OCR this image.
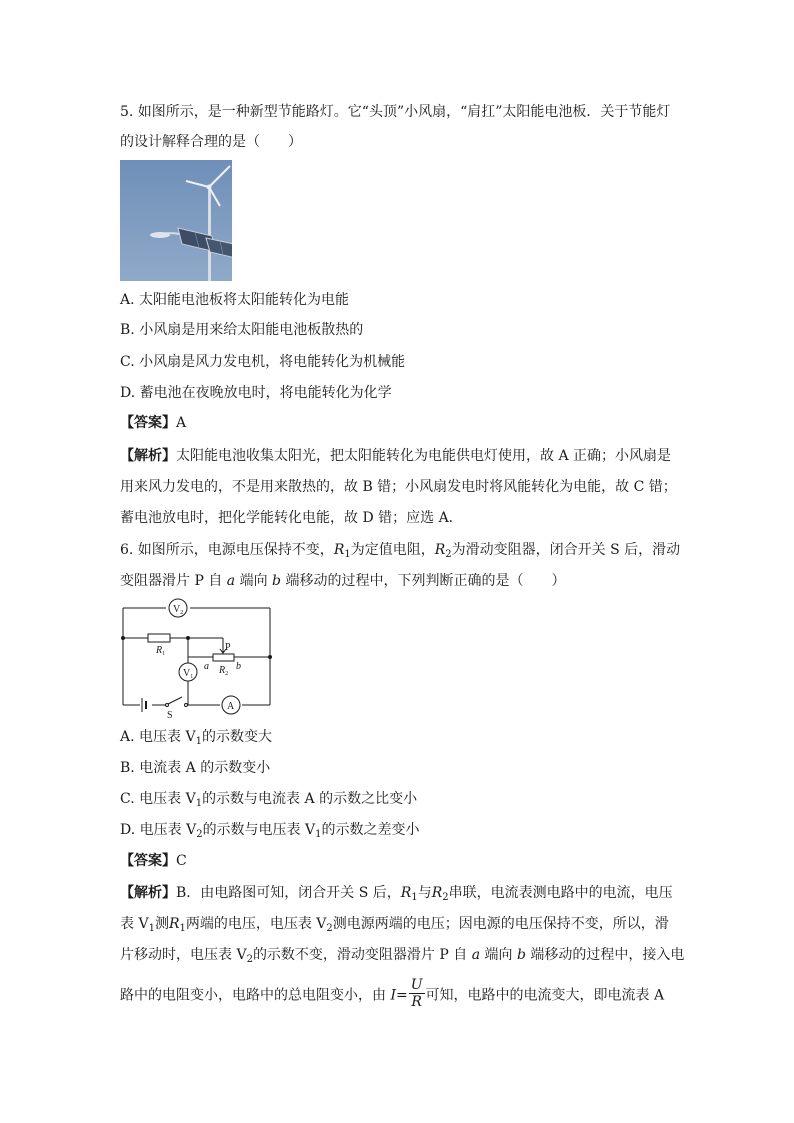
5. 如图所示，是一种新型节能路灯。它“头顶”小风扇，“肩扛”太阳能电池板．关于节能灯
的设计解释合理的是（　　）
A. 太阳能电池板将太阳能转化为电能
B. 小风扇是用来给太阳能电池板散热的
C. 小风扇是风力发电机，将电能转化为机械能
D. 蓄电池在夜晚放电时，将电能转化为化学
【答案】A
【解析】太阳能电池收集太阳光，把太阳能转化为电能供电灯使用，故 A 正确；小风扇是
用来风力发电的，不是用来散热的，故 B 错；小风扇发电时将风能转化为电能，故 C 错；
蓄电池放电时，把化学能转化电能，故 D 错；应选 A．
6. 如图所示，电源电压保持不变，$R_1$为定值电阻，$R_2$为滑动变阻器，闭合开关 S 后，滑动
变阻器滑片 P 自 a 端向 b 端移动的过程中，下列判断正确的是（　　）
$V_2$
$V_1$
A
P
$R_1$
$R_2$
a	b
S
A. 电压表 $V_1$的示数变大
B. 电流表 A 的示数变小
C. 电压表 $V_1$的示数与电流表 A 的示数之比变小
D. 电压表 $V_2$的示数与电压表 $V_1$的示数之差变小
【答案】C
【解析】B．由电路图可知，闭合开关 S 后，$R_1$与$R_2$串联，电流表测电路中的电流，电压
表 $V_1$测$R_1$两端的电压，电压表 $V_2$测电源两端的电压；因电源的电压保持不变，所以，滑
片移动时，电压表 $V_2$的示数不变，滑动变阻器滑片 P 自 a 端向 b 端移动的过程中，接入电
路中的电阻变小，电路中的总电阻变小，由 $I= \frac{U}{R}$ 可知，电路中的电流变大，即电流表 A
